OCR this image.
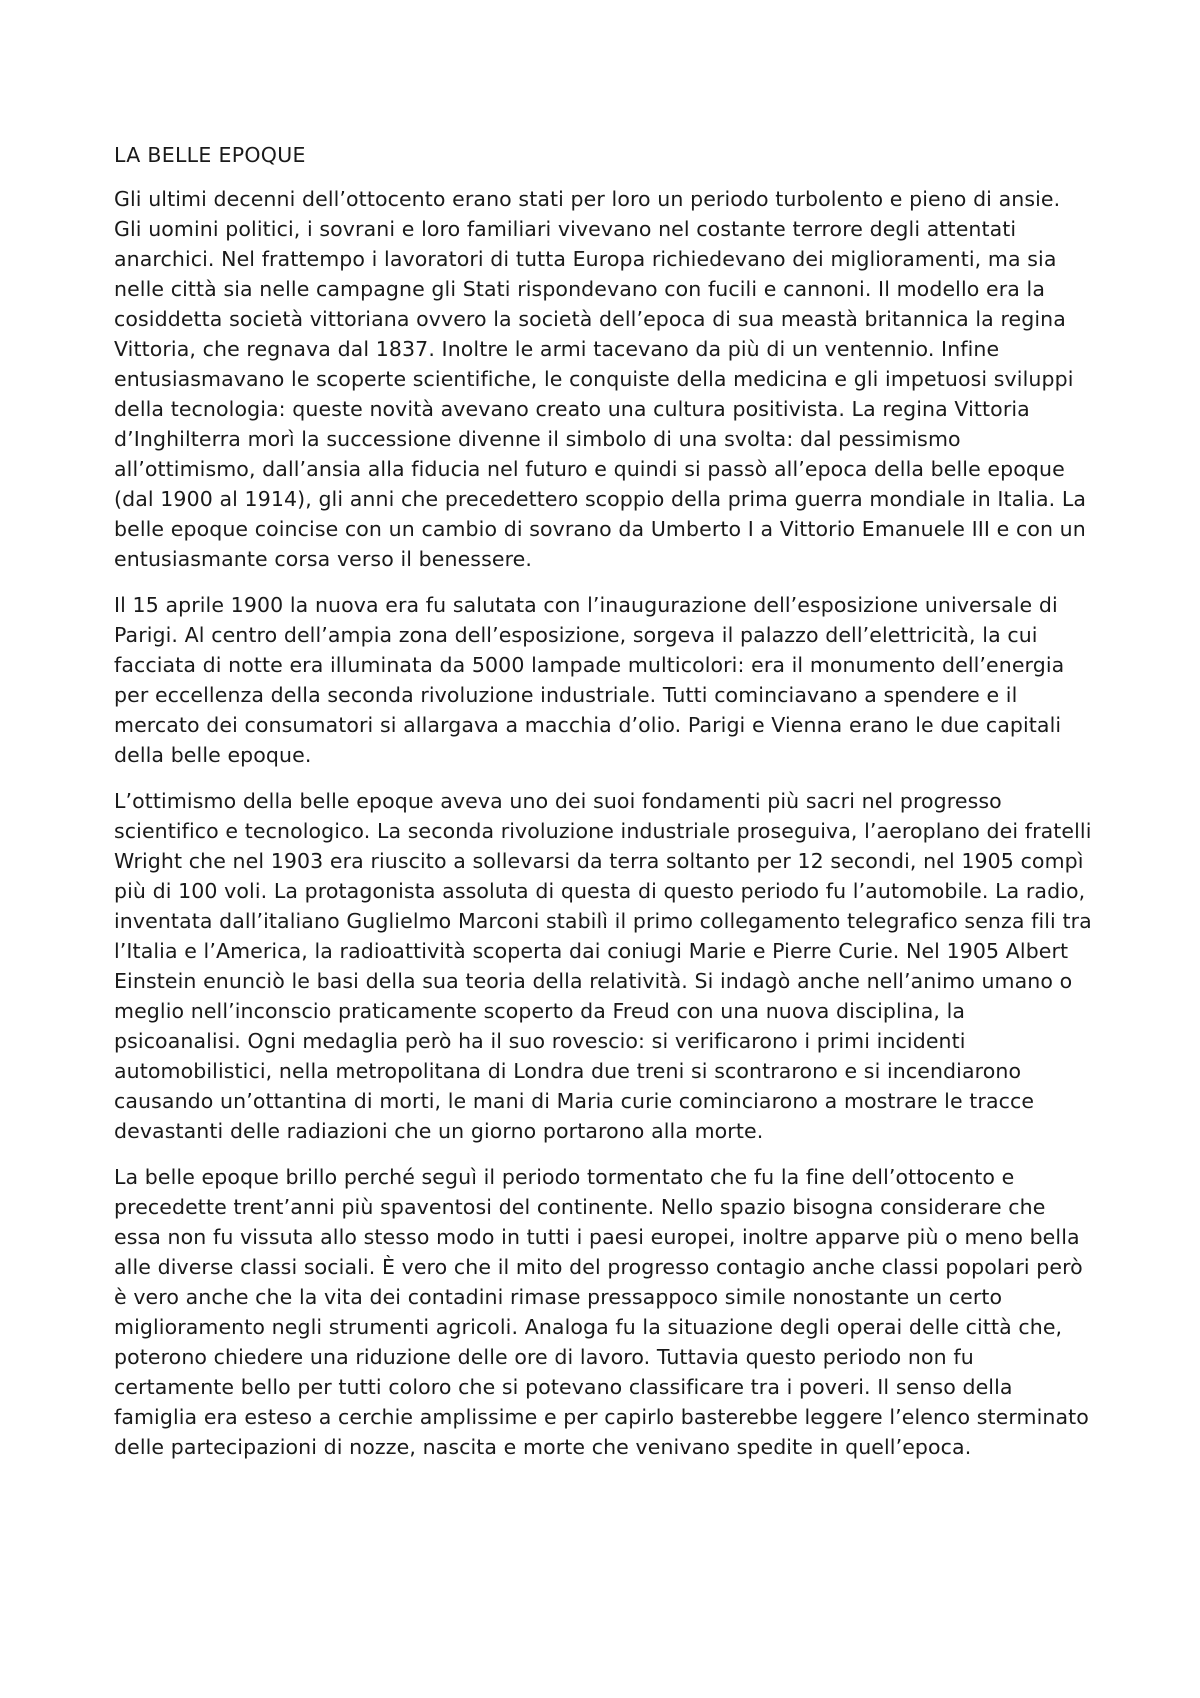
LA BELLE EPOQUE

Gli ultimi decenni dell’ottocento erano stati per loro un periodo turbolento e pieno di ansie. Gli uomini politici, i sovrani e loro familiari vivevano nel costante terrore degli attentati anarchici. Nel frattempo i lavoratori di tutta Europa richiedevano dei miglioramenti, ma sia nelle città sia nelle campagne gli Stati rispondevano con fucili e cannoni. Il modello era la cosiddetta società vittoriana ovvero la società dell’epoca di sua meastà britannica la regina Vittoria, che regnava dal 1837. Inoltre le armi tacevano da più di un ventennio. Infine entusiasmavano le scoperte scientifiche, le conquiste della medicina e gli impetuosi sviluppi della tecnologia: queste novità avevano creato una cultura positivista. La regina Vittoria d’Inghilterra morì la successione divenne il simbolo di una svolta: dal pessimismo all’ottimismo, dall’ansia alla fiducia nel futuro e quindi si passò all’epoca della belle epoque (dal 1900 al 1914), gli anni che precedettero scoppio della prima guerra mondiale in Italia. La belle epoque coincise con un cambio di sovrano da Umberto I a Vittorio Emanuele III e con un entusiasmante corsa verso il benessere.

Il 15 aprile 1900 la nuova era fu salutata con l’inaugurazione dell’esposizione universale di Parigi. Al centro dell’ampia zona dell’esposizione, sorgeva il palazzo dell’elettricità, la cui facciata di notte era illuminata da 5000 lampade multicolori: era il monumento dell’energia per eccellenza della seconda rivoluzione industriale. Tutti cominciavano a spendere e il mercato dei consumatori si allargava a macchia d’olio. Parigi e Vienna erano le due capitali della belle epoque.

L’ottimismo della belle epoque aveva uno dei suoi fondamenti più sacri nel progresso scientifico e tecnologico. La seconda rivoluzione industriale proseguiva, l’aeroplano dei fratelli Wright che nel 1903 era riuscito a sollevarsi da terra soltanto per 12 secondi, nel 1905 compì più di 100 voli. La protagonista assoluta di questa di questo periodo fu l’automobile. La radio, inventata dall’italiano Guglielmo Marconi stabilì il primo collegamento telegrafico senza fili tra l’Italia e l’America, la radioattività scoperta dai coniugi Marie e Pierre Curie. Nel 1905 Albert Einstein enunciò le basi della sua teoria della relatività. Si indagò anche nell’animo umano o meglio nell’inconscio praticamente scoperto da Freud con una nuova disciplina, la psicoanalisi. Ogni medaglia però ha il suo rovescio: si verificarono i primi incidenti automobilistici, nella metropolitana di Londra due treni si scontrarono e si incendiarono causando un’ottantina di morti, le mani di Maria curie cominciarono a mostrare le tracce devastanti delle radiazioni che un giorno portarono alla morte.

La belle epoque brillo perché seguì il periodo tormentato che fu la fine dell’ottocento e precedette trent’anni più spaventosi del continente. Nello spazio bisogna considerare che essa non fu vissuta allo stesso modo in tutti i paesi europei, inoltre apparve più o meno bella alle diverse classi sociali. È vero che il mito del progresso contagio anche classi popolari però è vero anche che la vita dei contadini rimase pressappoco simile nonostante un certo miglioramento negli strumenti agricoli. Analoga fu la situazione degli operai delle città che, poterono chiedere una riduzione delle ore di lavoro. Tuttavia questo periodo non fu certamente bello per tutti coloro che si potevano classificare tra i poveri. Il senso della famiglia era esteso a cerchie amplissime e per capirlo basterebbe leggere l’elenco sterminato delle partecipazioni di nozze, nascita e morte che venivano spedite in quell’epoca.
